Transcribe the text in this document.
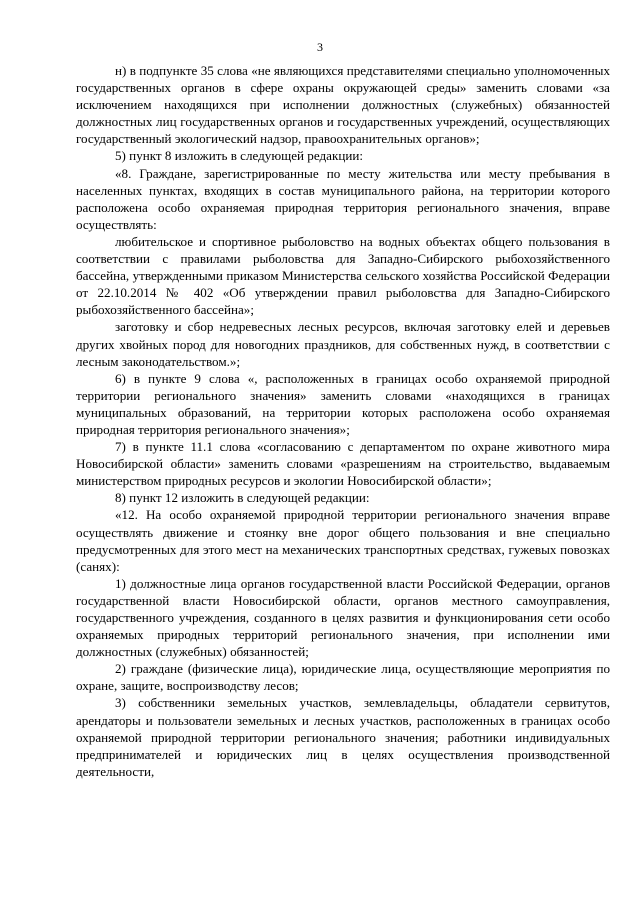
3

н) в подпункте 35 слова «не являющихся представителями специально уполномоченных государственных органов в сфере охраны окружающей среды» заменить словами «за исключением находящихся при исполнении должностных (служебных) обязанностей должностных лиц государственных органов и государственных учреждений, осуществляющих государственный экологический надзор, правоохранительных органов»;

5) пункт 8 изложить в следующей редакции:

«8. Граждане, зарегистрированные по месту жительства или месту пребывания в населенных пунктах, входящих в состав муниципального района, на территории которого расположена особо охраняемая природная территория регионального значения, вправе осуществлять:

любительское и спортивное рыболовство на водных объектах общего пользования в соответствии с правилами рыболовства для Западно-Сибирского рыбохозяйственного бассейна, утвержденными приказом Министерства сельского хозяйства Российской Федерации от 22.10.2014 № 402 «Об утверждении правил рыболовства для Западно-Сибирского рыбохозяйственного бассейна»;

заготовку и сбор недревесных лесных ресурсов, включая заготовку елей и деревьев других хвойных пород для новогодних праздников, для собственных нужд, в соответствии с лесным законодательством.»;

6) в пункте 9 слова «, расположенных в границах особо охраняемой природной территории регионального значения» заменить словами «находящихся в границах муниципальных образований, на территории которых расположена особо охраняемая природная территория регионального значения»;

7) в пункте 11.1 слова «согласованию с департаментом по охране животного мира Новосибирской области» заменить словами «разрешениям на строительство, выдаваемым министерством природных ресурсов и экологии Новосибирской области»;

8) пункт 12 изложить в следующей редакции:

«12. На особо охраняемой природной территории регионального значения вправе осуществлять движение и стоянку вне дорог общего пользования и вне специально предусмотренных для этого мест на механических транспортных средствах, гужевых повозках (санях):

1) должностные лица органов государственной власти Российской Федерации, органов государственной власти Новосибирской области, органов местного самоуправления, государственного учреждения, созданного в целях развития и функционирования сети особо охраняемых природных территорий регионального значения, при исполнении ими должностных (служебных) обязанностей;

2) граждане (физические лица), юридические лица, осуществляющие мероприятия по охране, защите, воспроизводству лесов;

3) собственники земельных участков, землевладельцы, обладатели сервитутов, арендаторы и пользователи земельных и лесных участков, расположенных в границах особо охраняемой природной территории регионального значения; работники индивидуальных предпринимателей и юридических лиц в целях осуществления производственной деятельности,
